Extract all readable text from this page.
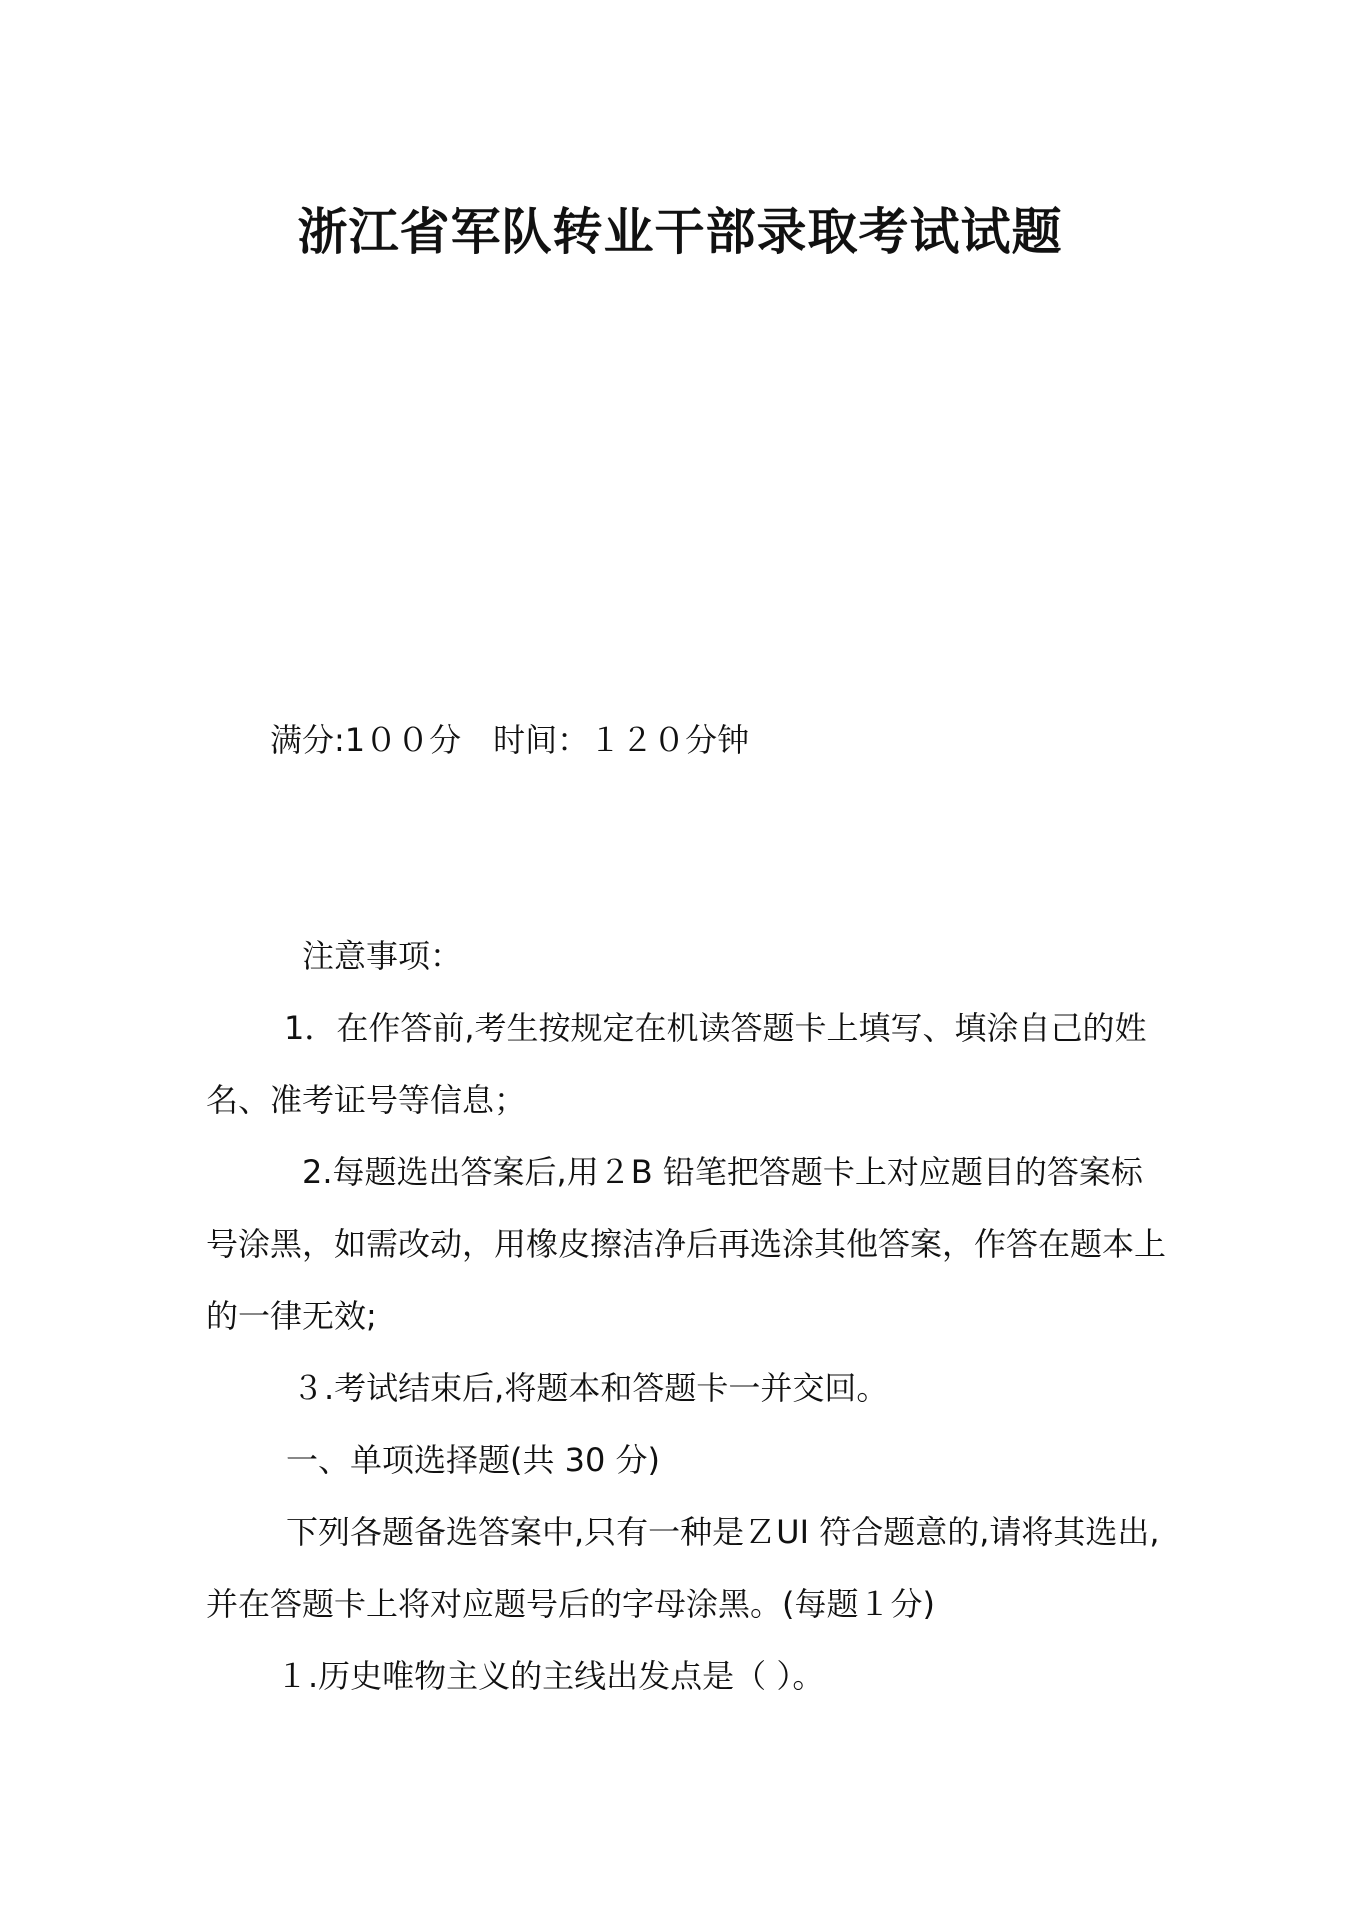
浙江省军队转业干部录取考试试题
满分:1００分　时间：１２０分钟
注意事项：
1．在作答前,考生按规定在机读答题卡上填写、填涂自己的姓
名、准考证号等信息；
2.每题选出答案后,用２B 铅笔把答题卡上对应题目的答案标
号涂黑，如需改动，用橡皮擦洁净后再选涂其他答案，作答在题本上
的一律无效;
３.考试结束后,将题本和答题卡一并交回。
一、单项选择题(共 30 分)
下列各题备选答案中,只有一种是ＺUI 符合题意的,请将其选出,
并在答题卡上将对应题号后的字母涂黑。(每题１分)
１.历史唯物主义的主线出发点是（ ）。
